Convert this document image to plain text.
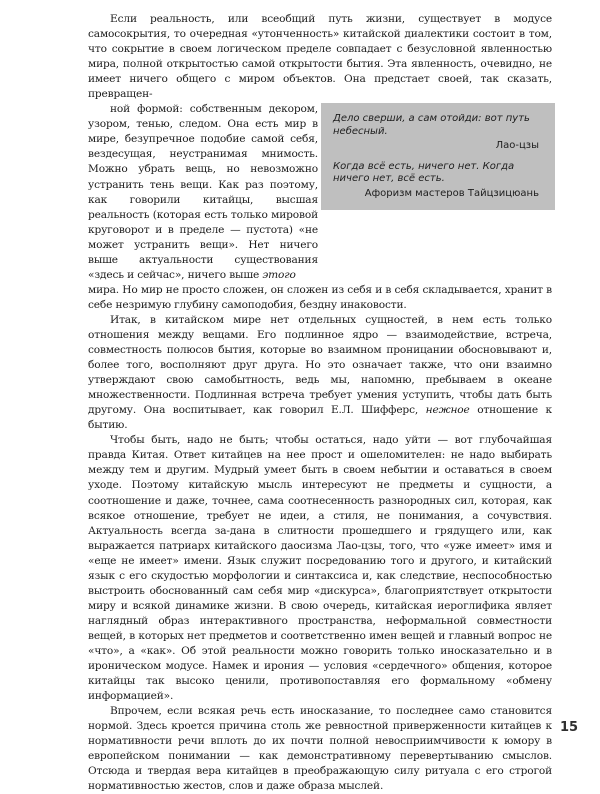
Если реальность, или всеобщий путь жизни, существует в модусе самосокрытия, то очередная «утонченность» китайской диалектики состоит в том, что сокрытие в своем логическом пределе совпадает с безусловной явленностью мира, полной открытостью самой открытости бытия. Эта явленность, очевидно, не имеет ничего общего с миром объектов. Она предстает своей, так сказать, превращен-
ной формой: собственным декором, узором, тенью, следом. Она есть мир в мире, безупречное подобие самой себя, вездесущая, неустранимая мнимость. Можно убрать вещь, но невозможно устранить тень вещи. Как раз поэтому, как говорили китайцы, высшая реальность (которая есть только мировой круговорот и в пределе — пустота) «не может устранить вещи». Нет ничего выше актуальности существования «здесь и сейчас», ничего выше этого
мира. Но мир не просто сложен, он сложен из себя и в себя складывается, хранит в себе незримую глубину самоподобия, бездну инаковости.

Итак, в китайском мире нет отдельных сущностей, в нем есть только отношения между вещами. Его подлинное ядро — взаимодействие, встреча, совместность полюсов бытия, которые во взаимном проницании обосновывают и, более того, восполняют друг друга. Но это означает также, что они взаимно утверждают свою самобытность, ведь мы, напомню, пребываем в океане множественности. Подлинная встреча требует умения уступить, чтобы дать быть другому. Она воспитывает, как говорил Е.Л. Шифферс, нежное отношение к бытию.

Чтобы быть, надо не быть; чтобы остаться, надо уйти — вот глубочайшая правда Китая. Ответ китайцев на нее прост и ошеломителен: не надо выбирать между тем и другим. Мудрый умеет быть в своем небытии и оставаться в своем уходе. Поэтому китайскую мысль интересуют не предметы и сущности, а соотношение и даже, точнее, сама соотнесенность разнородных сил, которая, как всякое отношение, требует не идеи, а стиля, не понимания, а сочувствия. Актуальность всегда за-дана в слитности прошедшего и грядущего или, как выражается патриарх китайского даосизма Лао-цзы, того, что «уже имеет» имя и «еще не имеет» имени. Язык служит посредованию того и другого, и китайский язык с его скудостью морфологии и синтаксиса и, как следствие, неспособностью выстроить обоснованный сам себя мир «дискурса», благоприятствует открытости миру и всякой динамике жизни. В свою очередь, китайская иероглифика являет наглядный образ интерактивного пространства, неформальной совместности вещей, в которых нет предметов и соответственно имен вещей и главный вопрос не «что», а «как». Об этой реальности можно говорить только иносказательно и в ироническом модусе. Намек и ирония — условия «сердечного» общения, которое китайцы так высоко ценили, противопоставляя его формальному «обмену информацией».

Впрочем, если всякая речь есть иносказание, то последнее само становится нормой. Здесь кроется причина столь же ревностной приверженности китайцев к нормативности речи вплоть до их почти полной невосприимчивости к юмору в европейском понимании — как демонстративному перевертыванию смыслов. Отсюда и твердая вера китайцев в преображающую силу ритуала с его строгой нормативностью жестов, слов и даже образа мыслей.

Дело сверши, а сам отойди: вот путь небесный.

Лао-цзы

Когда всё есть, ничего нет. Когда ничего нет, всё есть.

Афоризм мастеров Тайцзицюань

15
